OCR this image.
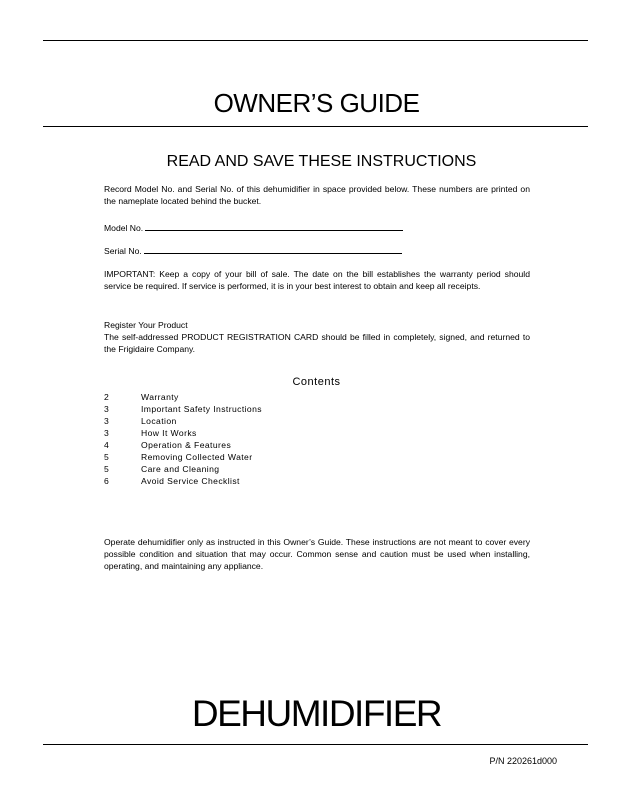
OWNER’S GUIDE
READ AND SAVE THESE INSTRUCTIONS
Record Model No. and Serial No. of this dehumidifier in space provided below. These numbers are printed on the nameplate located behind the bucket.
Model No.
Serial No.
IMPORTANT: Keep a copy of your bill of sale. The date on the bill establishes the warranty period should service be required. If service is performed, it is in your best interest to obtain and keep all receipts.
Register Your Product
The self-addressed PRODUCT REGISTRATION CARD should be filled in completely, signed, and returned to the Frigidaire Company.
Contents
2	Warranty
3	Important Safety Instructions
3	Location
3	How It Works
4	Operation & Features
5	Removing Collected Water
5	Care and Cleaning
6	Avoid Service Checklist
Operate dehumidifier only as instructed in this Owner’s Guide. These instructions are not meant to cover every possible condition and situation that may occur. Common sense and caution must be used when installing, operating, and maintaining any appliance.
DEHUMIDIFIER
P/N 220261d000
